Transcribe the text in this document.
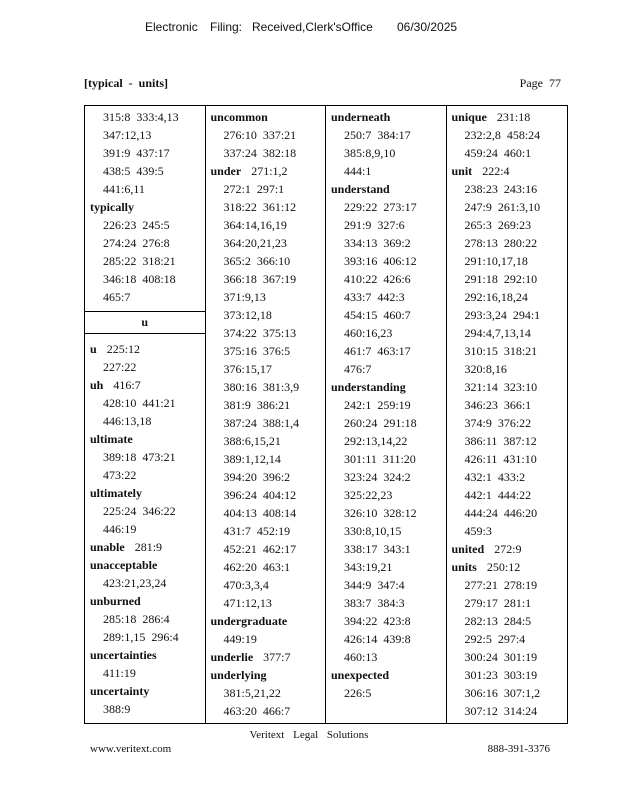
Electronic Filing: Received,Clerk'sOffice 06/30/2025
[typical  -  units]	Page  77
315:8  333:4,13
347:12,13
391:9  437:17
438:5  439:5
441:6,11
typically
226:23  245:5
274:24  276:8
285:22  318:21
346:18  408:18
465:7
u
u 225:12
227:22
uh 416:7
428:10  441:21
446:13,18
ultimate
389:18  473:21
473:22
ultimately
225:24  346:22
446:19
unable 281:9
unacceptable
423:21,23,24
unburned
285:18  286:4
289:1,15  296:4
uncertainties
411:19
uncertainty
388:9
uncommon
276:10  337:21
337:24  382:18
under 271:1,2
272:1  297:1
318:22  361:12
364:14,16,19
364:20,21,23
365:2  366:10
366:18  367:19
371:9,13
373:12,18
374:22  375:13
375:16  376:5
376:15,17
380:16  381:3,9
381:9  386:21
387:24  388:1,4
388:6,15,21
389:1,12,14
394:20  396:2
396:24  404:12
404:13  408:14
431:7  452:19
452:21  462:17
462:20  463:1
470:3,3,4
471:12,13
undergraduate
449:19
underlie 377:7
underlying
381:5,21,22
463:20  466:7
underneath
250:7  384:17
385:8,9,10
444:1
understand
229:22  273:17
291:9  327:6
334:13  369:2
393:16  406:12
410:22  426:6
433:7  442:3
454:15  460:7
460:16,23
461:7  463:17
476:7
understanding
242:1  259:19
260:24  291:18
292:13,14,22
301:11  311:20
323:24  324:2
325:22,23
326:10  328:12
330:8,10,15
338:17  343:1
343:19,21
344:9  347:4
383:7  384:3
394:22  423:8
426:14  439:8
460:13
unexpected
226:5
unique 231:18
232:2,8  458:24
459:24  460:1
unit 222:4
238:23  243:16
247:9  261:3,10
265:3  269:23
278:13  280:22
291:10,17,18
291:18  292:10
292:16,18,24
293:3,24  294:1
294:4,7,13,14
310:15  318:21
320:8,16
321:14  323:10
346:23  366:1
374:9  376:22
386:11  387:12
426:11  431:10
432:1  433:2
442:1  444:22
444:24  446:20
459:3
united 272:9
units 250:12
277:21  278:19
279:17  281:1
282:13  284:5
292:5  297:4
300:24  301:19
301:23  303:19
306:16  307:1,2
307:12  314:24
Veritext Legal Solutions
www.veritext.com	888-391-3376
